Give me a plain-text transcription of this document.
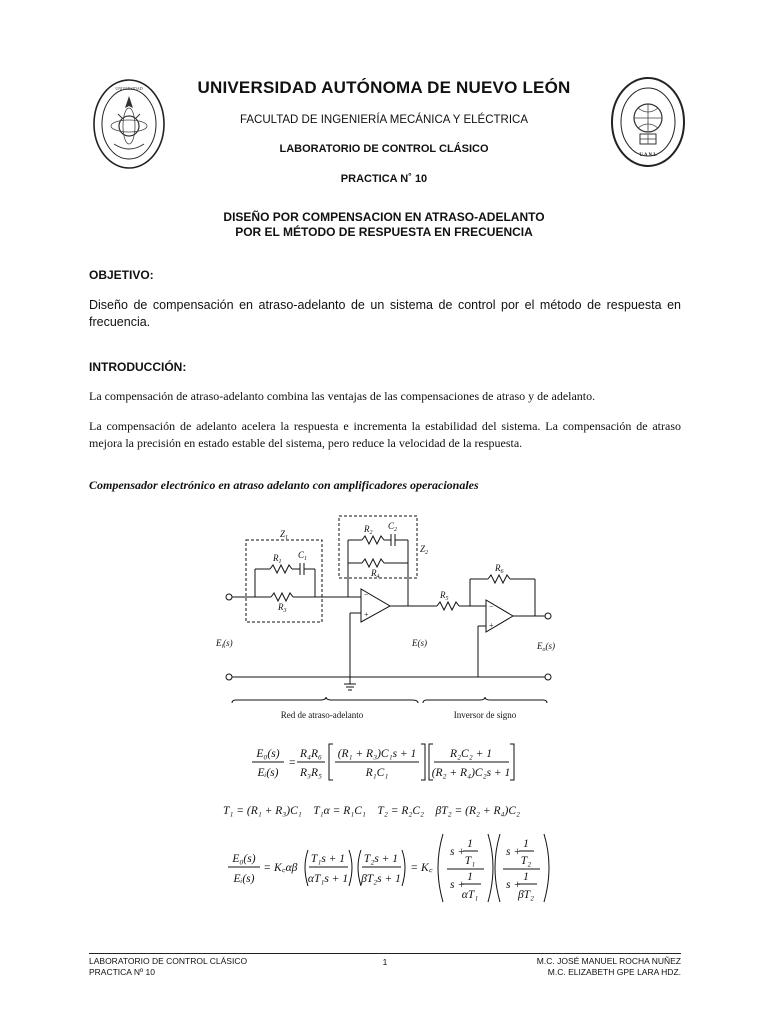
UNIVERSIDAD
U A N L
UNIVERSIDAD AUTÓNOMA DE NUEVO LEÓN
FACULTAD DE INGENIERÍA MECÁNICA Y ELÉCTRICA
LABORATORIO DE CONTROL CLÁSICO
PRACTICA N˚ 10
DISEÑO POR COMPENSACION EN ATRASO-ADELANTO
POR EL MÉTODO DE RESPUESTA EN FRECUENCIA
OBJETIVO:
Diseño de compensación en atraso-adelanto de un sistema de control por el método de respuesta en frecuencia.
INTRODUCCIÓN:
La compensación de atraso-adelanto combina las ventajas de las compensaciones de atraso y de adelanto.
La compensación de adelanto acelera la respuesta e incrementa la estabilidad del sistema. La compensación de atraso mejora la precisión en estado estable del sistema, pero reduce la velocidad de la respuesta.
Compensador electrónico en atraso adelanto con amplificadores operacionales
−
+
−
+
$Z_1$
$Z_2$
$R_1$
$C_1$
$R_2$
$C_2$
$R_3$
$R_4$
$R_5$
$R_6$
$E_i(s)$	E(s)	$E_o(s)$
Red de atraso-adelanto	Inversor de signo
E₀(s)
Eᵢ(s)
=
R₄R₆
R₃R₅
(R₁ + R₃)C₁s + 1
R₁C₁
R₂C₂ + 1
(R₂ + R₄)C₂s + 1
T₁ = (R₁ + R₃)C₁    T₁α = R₁C₁    T₂ = R₂C₂    βT₂ = (R₂ + R₄)C₂
E₀(s)
Eᵢ(s)
= K꜀αβ
T₁s + 1
αT₁s + 1
T₂s + 1
βT₂s + 1
= K꜀
s +
1
T₁
s +
1
αT₁
s +
1
T₂
s +
1
βT₂
LABORATORIO DE CONTROL CLÁSICO
PRACTICA Nº 10
1	M.C. JOSÉ MANUEL ROCHA NUÑEZ
M.C. ELIZABETH GPE LARA HDZ.
